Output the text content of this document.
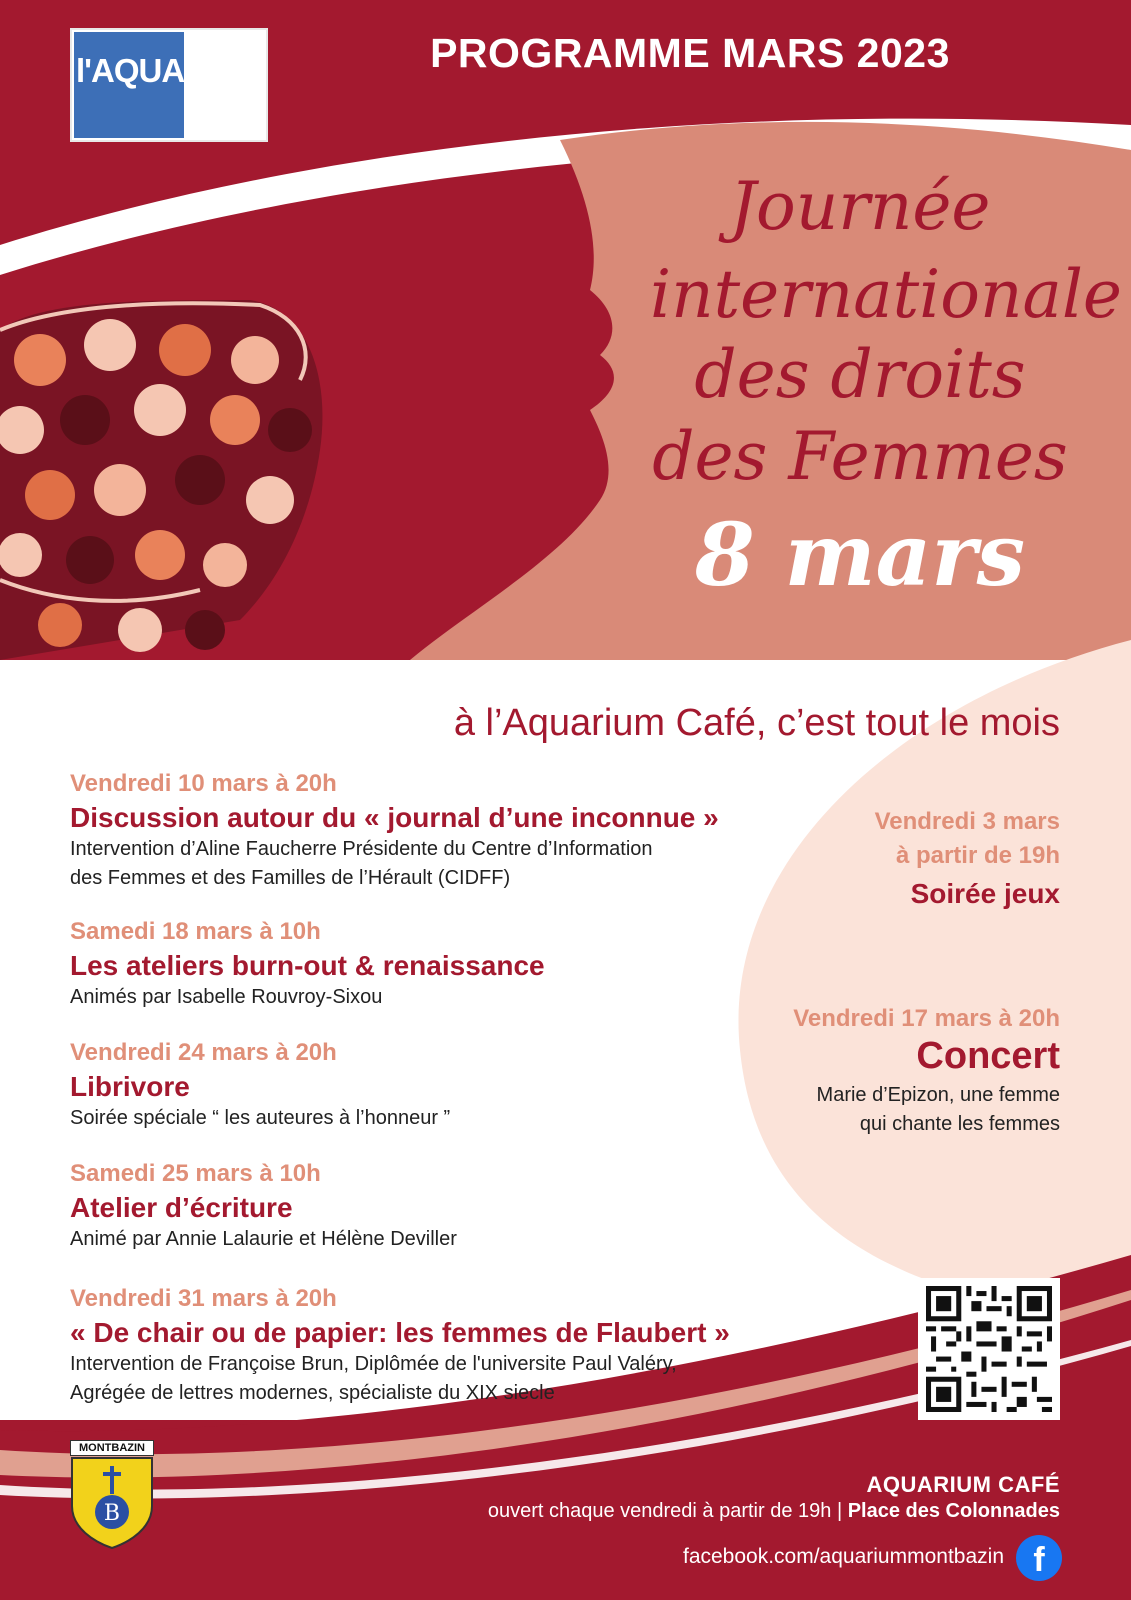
l'AQUARIUM	PROGRAMME MARS 2023
Journée
internationale
des droits
des Femmes
8 mars
à l’Aquarium Café, c’est tout le mois
Vendredi 10 mars à 20h
Discussion autour du « journal d’une inconnue »
Intervention d’Aline Faucherre Présidente du Centre d’Information
des Femmes et des Familles de l’Hérault (CIDFF)
Samedi 18 mars à 10h
Les ateliers burn-out & renaissance
Animés par Isabelle Rouvroy-Sixou
Vendredi 24 mars à 20h
Librivore
Soirée spéciale “ les auteures à l’honneur ”
Samedi 25 mars à 10h
Atelier d’écriture
Animé par Annie Lalaurie et Hélène Deviller
Vendredi 31 mars à 20h
« De chair ou de papier: les femmes de Flaubert »
Intervention de Françoise Brun, Diplômée de l'universite Paul Valéry,
Agrégée de lettres modernes, spécialiste du XIX siecle
Vendredi 3 mars
à partir de 19h
Soirée jeux
Vendredi 17 mars à 20h
Concert
Marie d’Epizon, une femme
qui chante les femmes
MONTBAZIN
B
AQUARIUM CAFÉ
ouvert chaque vendredi à partir de 19h | Place des Colonnades
facebook.com/aquariummontbazin f
